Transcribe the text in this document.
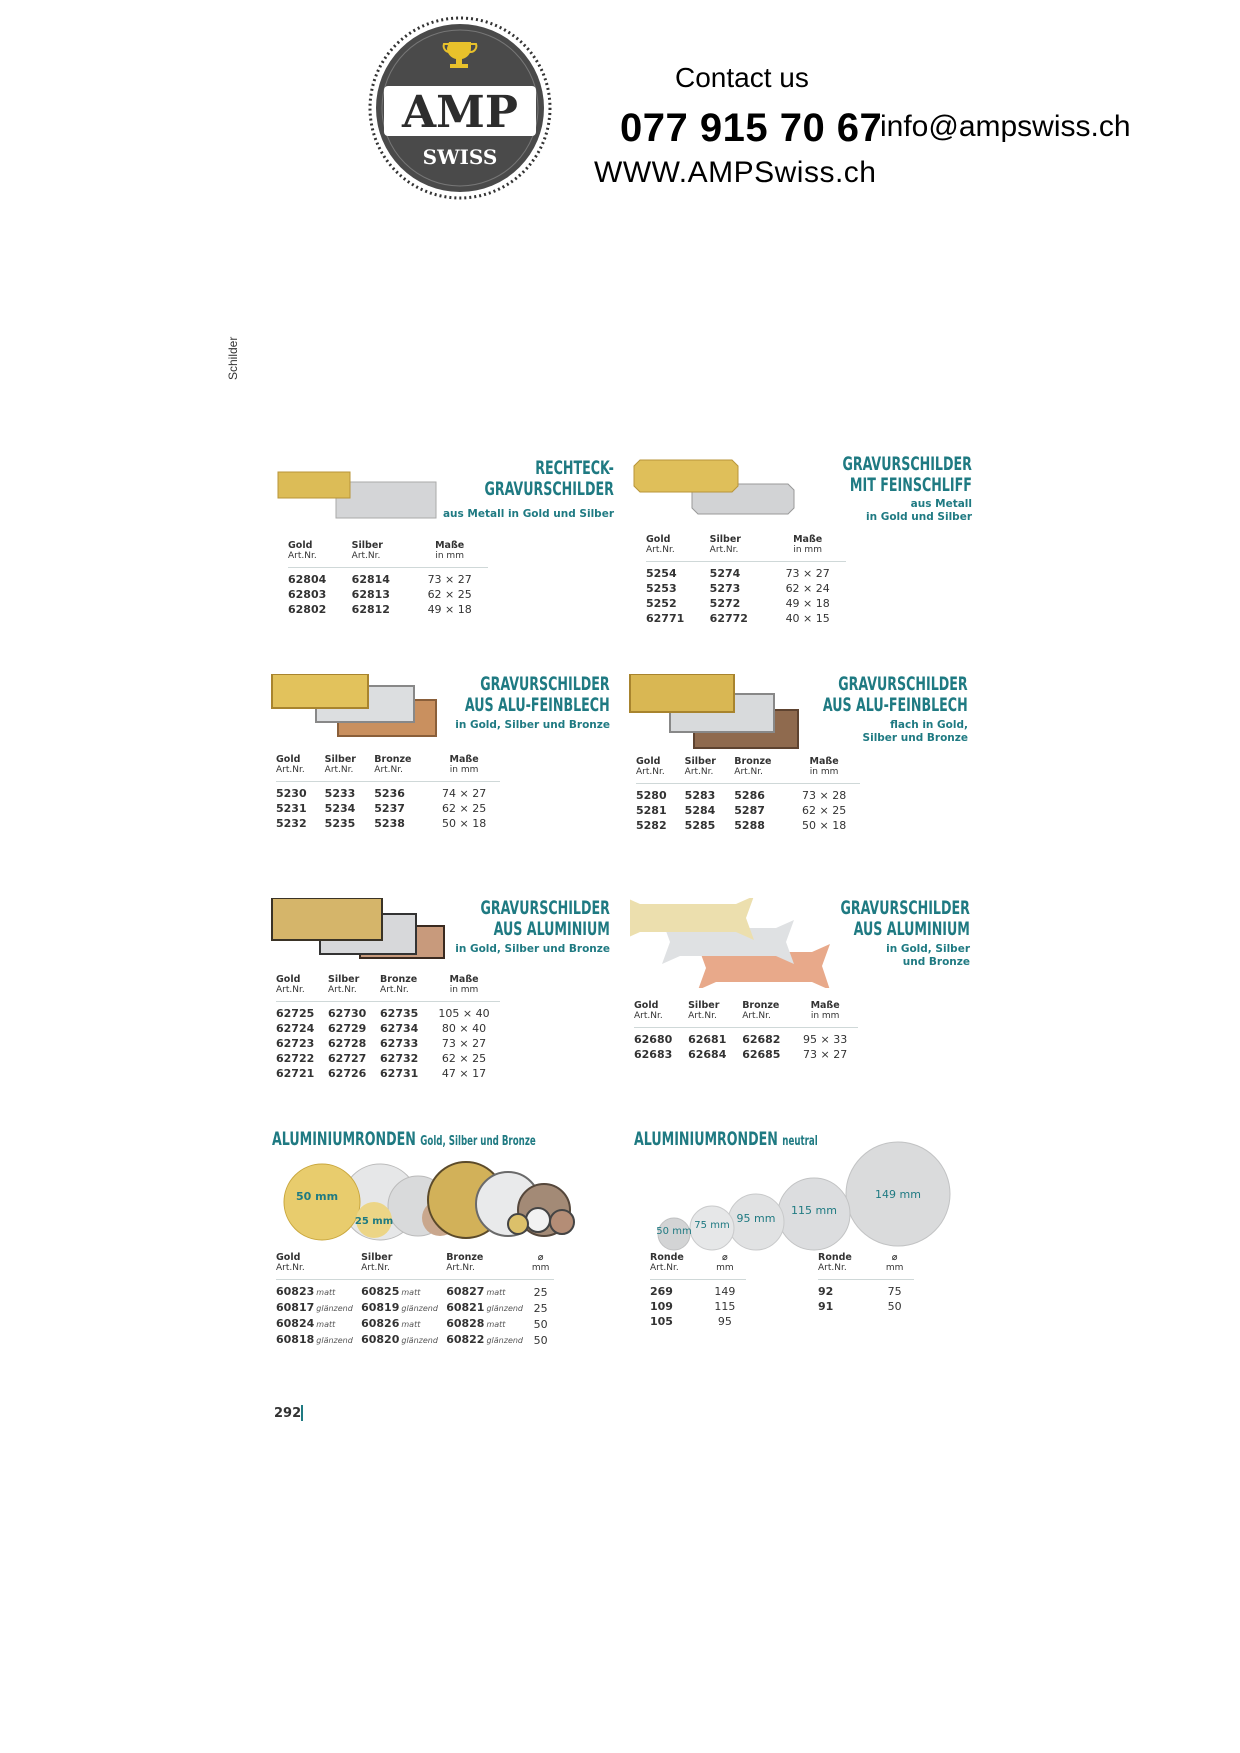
AMP
SWISS
Contact us
077 915 70 67
info@ampswiss.ch
WWW.AMPSwiss.ch
Schilder
RECHTECK-
GRAVURSCHILDER
aus Metall in Gold und Silber
Gold
Art.Nr.	Silber
Art.Nr.	Maße
in mm

62804	62814	73 × 27
62803	62813	62 × 25
62802	62812	49 × 18
GRAVURSCHILDER
MIT FEINSCHLIFF
aus Metall
in Gold und Silber
Gold
Art.Nr.	Silber
Art.Nr.	Maße
in mm

5254	5274	73 × 27
5253	5273	62 × 24
5252	5272	49 × 18
62771	62772	40 × 15
GRAVURSCHILDER
AUS ALU-FEINBLECH
in Gold, Silber und Bronze
Gold
Art.Nr.	Silber
Art.Nr.	Bronze
Art.Nr.	Maße
in mm

5230	5233	5236	74 × 27
5231	5234	5237	62 × 25
5232	5235	5238	50 × 18
GRAVURSCHILDER
AUS ALU-FEINBLECH
flach in Gold,
Silber und Bronze
Gold
Art.Nr.	Silber
Art.Nr.	Bronze
Art.Nr.	Maße
in mm

5280	5283	5286	73 × 28
5281	5284	5287	62 × 25
5282	5285	5288	50 × 18
GRAVURSCHILDER
AUS ALUMINIUM
in Gold, Silber und Bronze
Gold
Art.Nr.	Silber
Art.Nr.	Bronze
Art.Nr.	Maße
in mm

62725	62730	62735	105 × 40
62724	62729	62734	80 × 40
62723	62728	62733	73 × 27
62722	62727	62732	62 × 25
62721	62726	62731	47 × 17
GRAVURSCHILDER
AUS ALUMINIUM
in Gold, Silber
und Bronze
Gold
Art.Nr.	Silber
Art.Nr.	Bronze
Art.Nr.	Maße
in mm

62680	62681	62682	95 × 33
62683	62684	62685	73 × 27
ALUMINIUMRONDEN Gold, Silber und Bronze
50 mm
25 mm
Gold
Art.Nr.	Silber
Art.Nr.	Bronze
Art.Nr.	⌀
mm

60823 matt	60825 matt	60827 matt	25
60817 glänzend	60819 glänzend	60821 glänzend	25
60824 matt	60826 matt	60828 matt	50
60818 glänzend	60820 glänzend	60822 glänzend	50
ALUMINIUMRONDEN neutral
50 mm
75 mm
95 mm
115 mm
149 mm
Ronde
Art.Nr.	⌀
mm

269	149
109	115
105	95
Ronde
Art.Nr.	⌀
mm

92	75
91	50
292
